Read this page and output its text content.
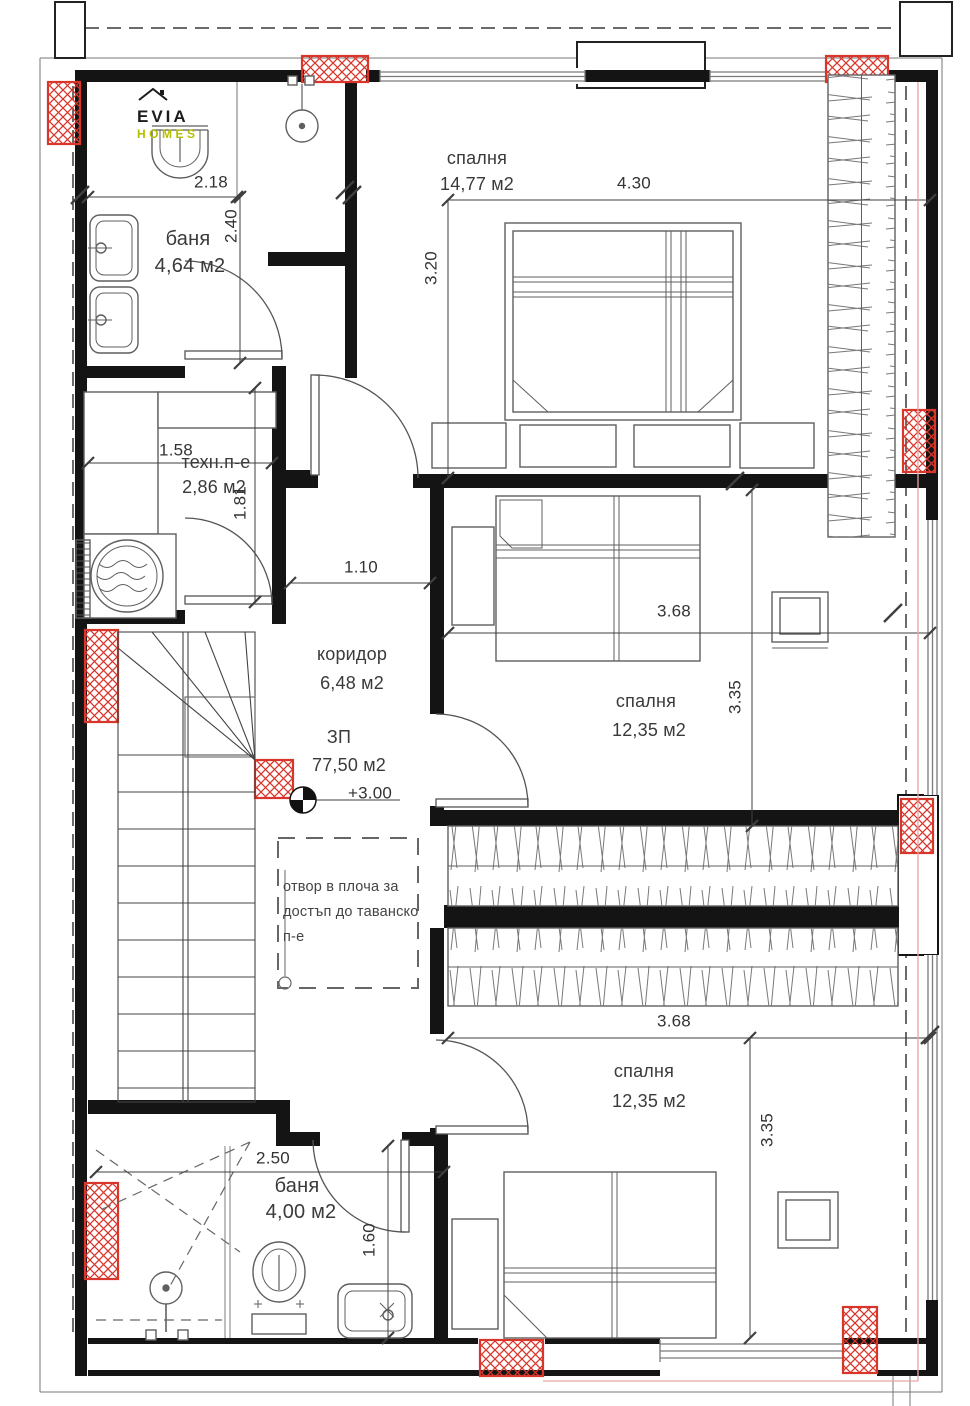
EVIA
HOMES
баня
4,64 м2
2.18
2.40
спалня
14,77 м2	4.30
3.20
1.58
техн.п-е
2,86 м2
1.81
1.10
коридор
6,48 м2
ЗП
77,50 м2
+3.00
3.68
спалня
12,35 м2
3.35
отвор в плоча за
достъп до таванско
п-е
3.68
спалня
12,35 м2
3.35
2.50
баня
4,00 м2
1.60
